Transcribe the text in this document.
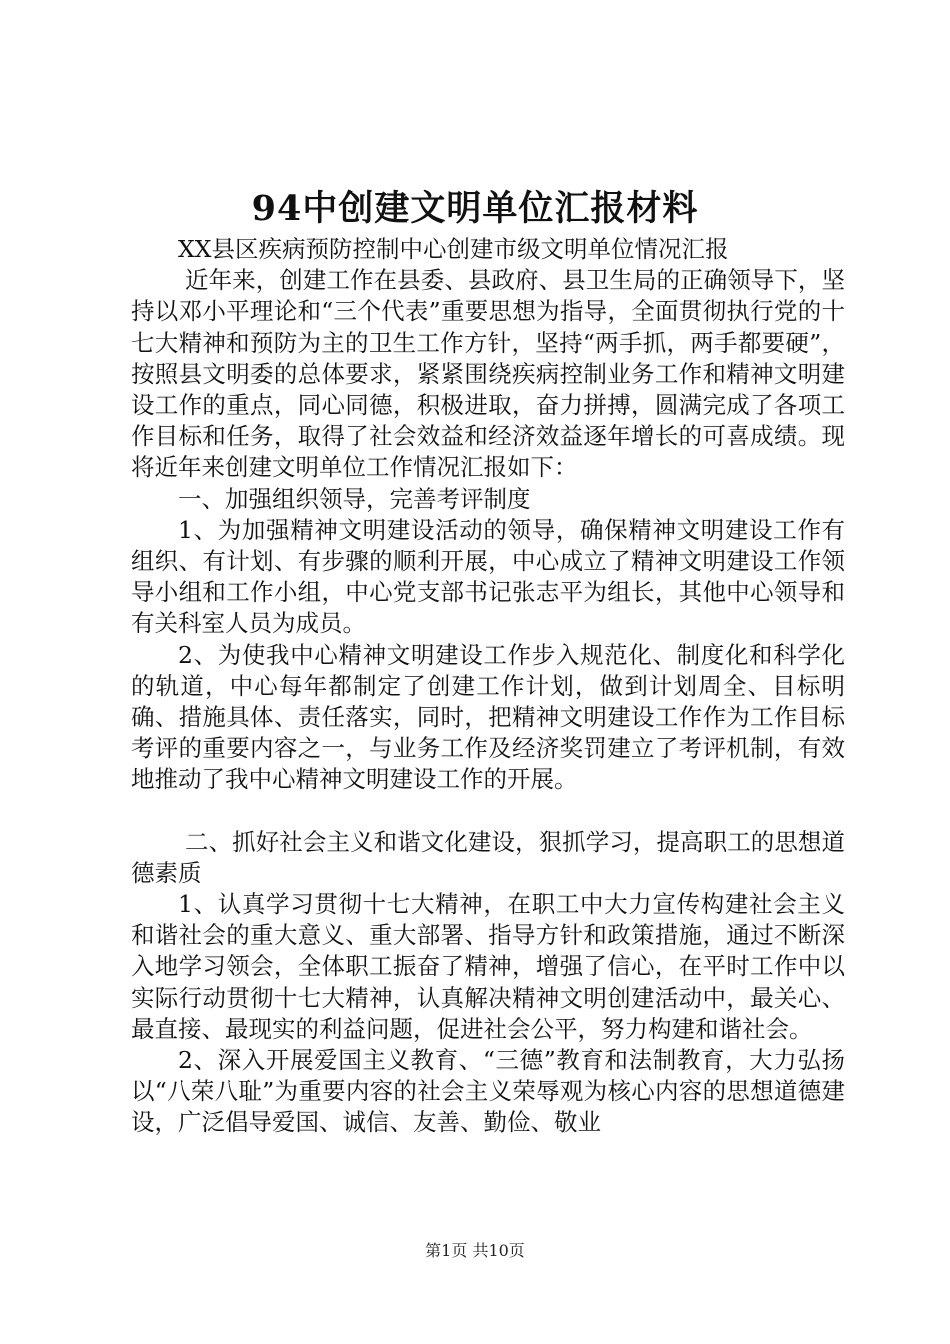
94中创建文明单位汇报材料

XX县区疾病预防控制中心创建市级文明单位情况汇报

近年来，创建工作在县委、县政府、县卫生局的正确领导下，坚持以邓小平理论和“三个代表”重要思想为指导，全面贯彻执行党的十七大精神和预防为主的卫生工作方针，坚持“两手抓，两手都要硬”，按照县文明委的总体要求，紧紧围绕疾病控制业务工作和精神文明建设工作的重点，同心同德，积极进取，奋力拼搏，圆满完成了各项工作目标和任务，取得了社会效益和经济效益逐年增长的可喜成绩。现将近年来创建文明单位工作情况汇报如下：

一、加强组织领导，完善考评制度

1、为加强精神文明建设活动的领导，确保精神文明建设工作有组织、有计划、有步骤的顺利开展，中心成立了精神文明建设工作领导小组和工作小组，中心党支部书记张志平为组长，其他中心领导和有关科室人员为成员。

2、为使我中心精神文明建设工作步入规范化、制度化和科学化的轨道，中心每年都制定了创建工作计划，做到计划周全、目标明确、措施具体、责任落实，同时，把精神文明建设工作作为工作目标考评的重要内容之一，与业务工作及经济奖罚建立了考评机制，有效地推动了我中心精神文明建设工作的开展。

二、抓好社会主义和谐文化建设，狠抓学习，提高职工的思想道德素质

1、认真学习贯彻十七大精神，在职工中大力宣传构建社会主义和谐社会的重大意义、重大部署、指导方针和政策措施，通过不断深入地学习领会，全体职工振奋了精神，增强了信心，在平时工作中以实际行动贯彻十七大精神，认真解决精神文明创建活动中，最关心、最直接、最现实的利益问题，促进社会公平，努力构建和谐社会。

2、深入开展爱国主义教育、“三德”教育和法制教育，大力弘扬以“八荣八耻”为重要内容的社会主义荣辱观为核心内容的思想道德建设，广泛倡导爱国、诚信、友善、勤俭、敬业

第1页 共10页
